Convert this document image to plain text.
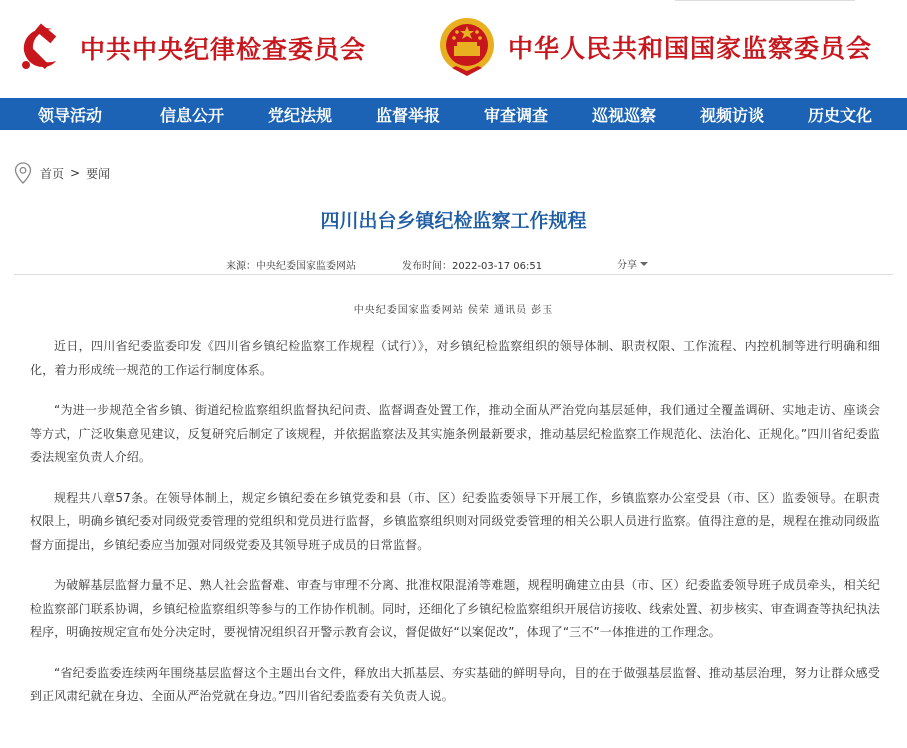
中共中央纪律检查委员会	中华人民共和国国家监察委员会
领导活动	信息公开	党纪法规	监督举报	审查调查	巡视巡察	视频访谈	历史文化
首页 > 要闻
四川出台乡镇纪检监察工作规程
来源：中央纪委国家监委网站	发布时间：2022-03-17 06:51	分享
中央纪委国家监委网站 侯荣 通讯员 彭玉

近日，四川省纪委监委印发《四川省乡镇纪检监察工作规程（试行）》，对乡镇纪检监察组织的领导体制、职责权限、工作流程、内控机制等进行明确和细化，着力形成统一规范的工作运行制度体系。

“为进一步规范全省乡镇、街道纪检监察组织监督执纪问责、监督调查处置工作，推动全面从严治党向基层延伸，我们通过全覆盖调研、实地走访、座谈会等方式，广泛收集意见建议，反复研究后制定了该规程，并依据监察法及其实施条例最新要求，推动基层纪检监察工作规范化、法治化、正规化。”四川省纪委监委法规室负责人介绍。

规程共八章57条。在领导体制上，规定乡镇纪委在乡镇党委和县（市、区）纪委监委领导下开展工作，乡镇监察办公室受县（市、区）监委领导。在职责权限上，明确乡镇纪委对同级党委管理的党组织和党员进行监督，乡镇监察组织则对同级党委管理的相关公职人员进行监察。值得注意的是，规程在推动同级监督方面提出，乡镇纪委应当加强对同级党委及其领导班子成员的日常监督。

为破解基层监督力量不足、熟人社会监督难、审查与审理不分离、批准权限混淆等难题，规程明确建立由县（市、区）纪委监委领导班子成员牵头，相关纪检监察部门联系协调，乡镇纪检监察组织等参与的工作协作机制。同时，还细化了乡镇纪检监察组织开展信访接收、线索处置、初步核实、审查调查等执纪执法程序，明确按规定宣布处分决定时，要视情况组织召开警示教育会议，督促做好“以案促改”，体现了“三不”一体推进的工作理念。

“省纪委监委连续两年围绕基层监督这个主题出台文件，释放出大抓基层、夯实基础的鲜明导向，目的在于做强基层监督、推动基层治理，努力让群众感受到正风肃纪就在身边、全面从严治党就在身边。”四川省纪委监委有关负责人说。
